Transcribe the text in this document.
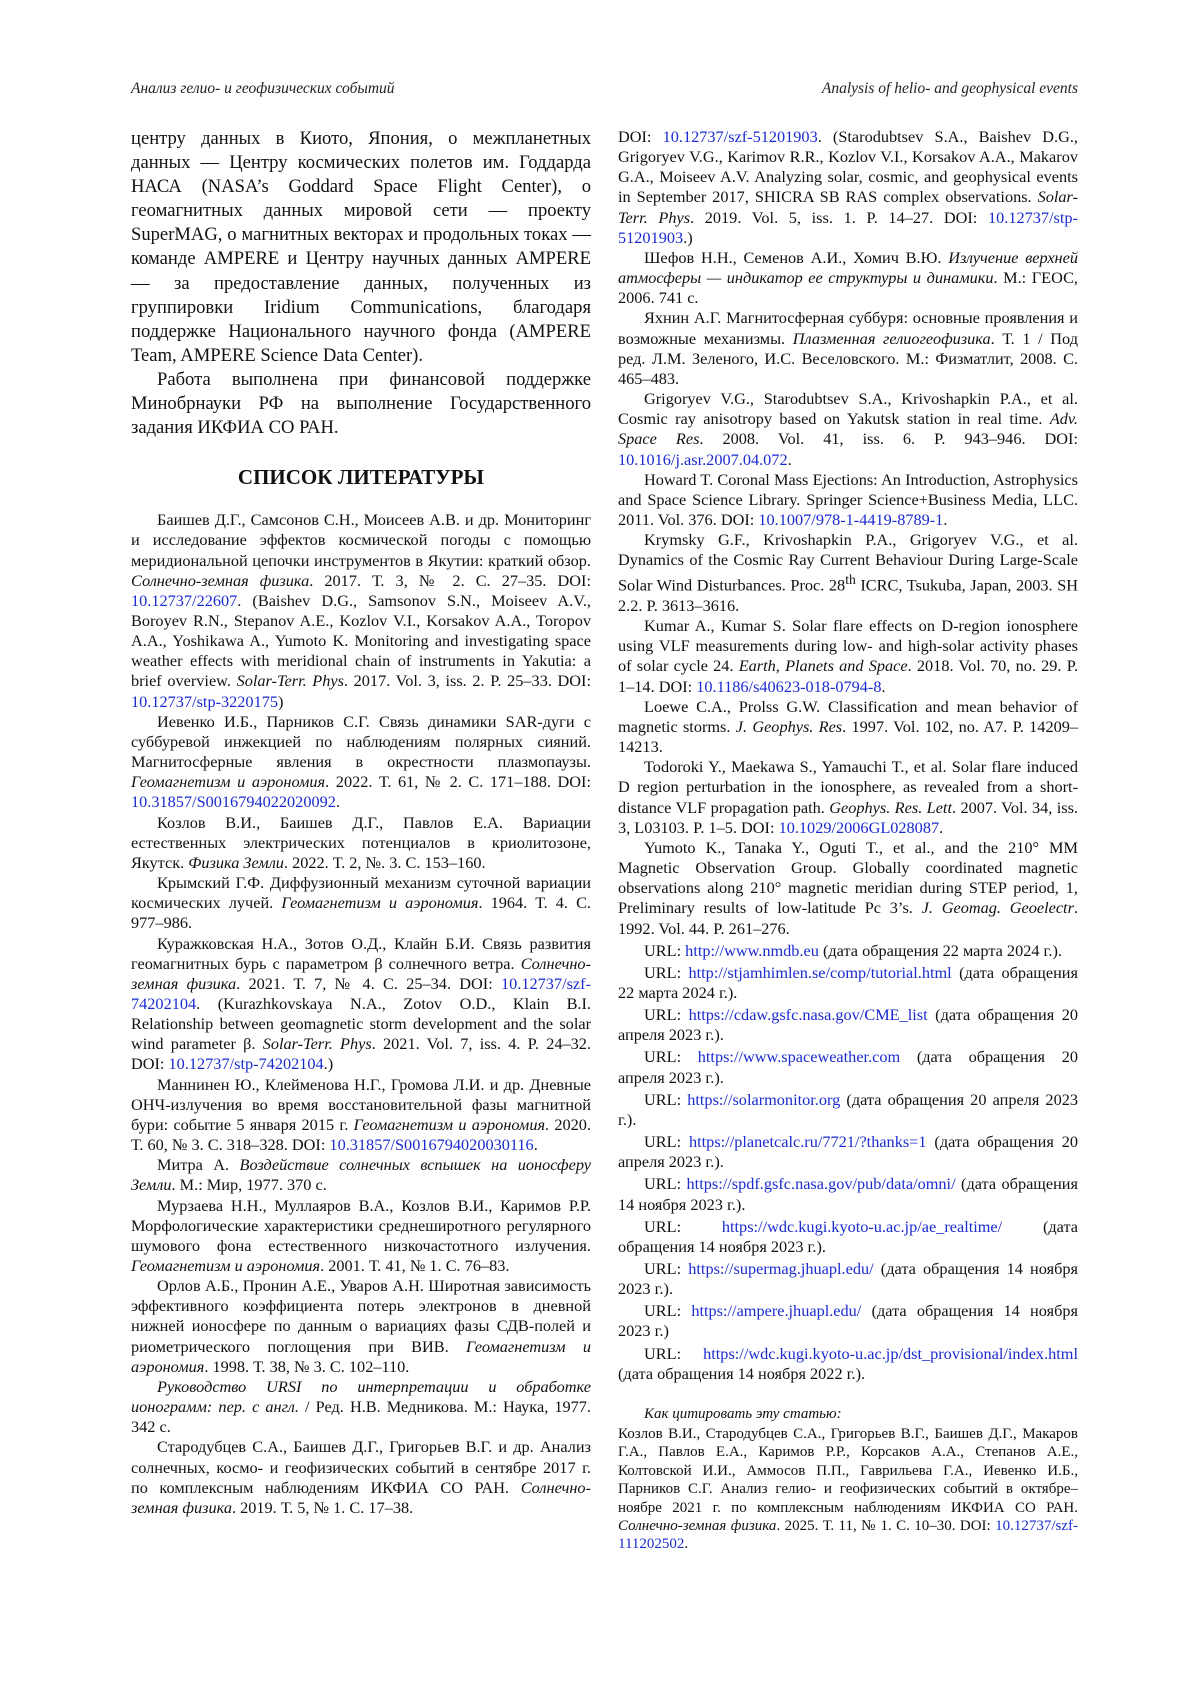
Анализ гелио- и геофизических событий	Analysis of helio- and geophysical events

центру данных в Киото, Япония, о межпланетных данных — Центру космических полетов им. Годдарда НАСА (NASA’s Goddard Space Flight Center), о геомагнитных данных мировой сети — проекту SuperMAG, о магнитных векторах и продольных токах — команде AMPERE и Центру научных данных AMPERE — за предоставление данных, полученных из группировки Iridium Communications, благодаря поддержке Национального научного фонда (AMPERE Team, AMPERE Science Data Center).

Работа выполнена при финансовой поддержке Минобрнауки РФ на выполнение Государственного задания ИКФИА СО РАН.

СПИСОК ЛИТЕРАТУРЫ

Баишев Д.Г., Самсонов С.Н., Моисеев А.В. и др. Мониторинг и исследование эффектов космической погоды с помощью меридиональной цепочки инструментов в Якутии: краткий обзор. Солнечно-земная физика. 2017. Т. 3, № 2. С. 27–35. DOI: 10.12737/22607. (Baishev D.G., Samsonov S.N., Moiseev A.V., Boroyev R.N., Stepanov A.E., Kozlov V.I., Korsakov A.A., Toropov A.A., Yoshikawa A., Yumoto K. Monitoring and investigating space weather effects with meridional chain of instruments in Yakutia: a brief overview. Solar-Terr. Phys. 2017. Vol. 3, iss. 2. P. 25–33. DOI: 10.12737/stp-3220175)

Иевенко И.Б., Парников С.Г. Связь динамики SAR-дуги с суббуревой инжекцией по наблюдениям полярных сияний. Магнитосферные явления в окрестности плазмопаузы. Геомагнетизм и аэрономия. 2022. Т. 61, № 2. С. 171–188. DOI: 10.31857/S0016794022020092.

Козлов В.И., Баишев Д.Г., Павлов Е.А. Вариации естественных электрических потенциалов в криолитозоне, Якутск. Физика Земли. 2022. Т. 2, №. 3. С. 153–160.

Крымский Г.Ф. Диффузионный механизм суточной вариации космических лучей. Геомагнетизм и аэрономия. 1964. Т. 4. С. 977–986.

Куражковская Н.А., Зотов О.Д., Клайн Б.И. Связь развития геомагнитных бурь с параметром β солнечного ветра. Солнечно-земная физика. 2021. Т. 7, № 4. С. 25–34. DOI: 10.12737/szf-74202104. (Kurazhkovskaya N.A., Zotov O.D., Klain B.I. Relationship between geomagnetic storm development and the solar wind parameter β. Solar-Terr. Phys. 2021. Vol. 7, iss. 4. P. 24–32. DOI: 10.12737/stp-74202104.)

Маннинен Ю., Клейменова Н.Г., Громова Л.И. и др. Дневные ОНЧ-излучения во время восстановительной фазы магнитной бури: событие 5 января 2015 г. Геомагнетизм и аэрономия. 2020. Т. 60, № 3. С. 318–328. DOI: 10.31857/S0016794020030116.

Митра А. Воздействие солнечных вспышек на ионосферу Земли. М.: Мир, 1977. 370 с.

Мурзаева Н.Н., Муллаяров В.А., Козлов В.И., Каримов Р.Р. Морфологические характеристики среднеширотного регулярного шумового фона естественного низкочастотного излучения. Геомагнетизм и аэрономия. 2001. Т. 41, № 1. С. 76–83.

Орлов А.Б., Пронин А.Е., Уваров А.Н. Широтная зависимость эффективного коэффициента потерь электронов в дневной нижней ионосфере по данным о вариациях фазы СДВ-полей и риометрического поглощения при ВИВ. Геомагнетизм и аэрономия. 1998. Т. 38, № 3. С. 102–110.

Руководство URSI по интерпретации и обработке ионограмм: пер. с англ. / Ред. Н.В. Медникова. М.: Наука, 1977. 342 с.

Стародубцев С.А., Баишев Д.Г., Григорьев В.Г. и др. Анализ солнечных, космо- и геофизических событий в сентябре 2017 г. по комплексным наблюдениям ИКФИА СО РАН. Солнечно-земная физика. 2019. Т. 5, № 1. С. 17–38.

DOI: 10.12737/szf-51201903. (Starodubtsev S.A., Baishev D.G., Grigoryev V.G., Karimov R.R., Kozlov V.I., Korsakov A.A., Makarov G.A., Moiseev A.V. Analyzing solar, cosmic, and geophysical events in September 2017, SHICRA SB RAS complex observations. Solar-Terr. Phys. 2019. Vol. 5, iss. 1. P. 14–27. DOI: 10.12737/stp-51201903.)

Шефов Н.Н., Семенов А.И., Хомич В.Ю. Излучение верхней атмосферы — индикатор ее структуры и динамики. М.: ГЕОС, 2006. 741 с.

Яхнин А.Г. Магнитосферная суббуря: основные проявления и возможные механизмы. Плазменная гелиогеофизика. Т. 1 / Под ред. Л.М. Зеленого, И.С. Веселовского. М.: Физматлит, 2008. С. 465–483.

Grigoryev V.G., Starodubtsev S.A., Krivoshapkin P.A., et al. Cosmic ray anisotropy based on Yakutsk station in real time. Adv. Space Res. 2008. Vol. 41, iss. 6. P. 943–946. DOI: 10.1016/j.asr.2007.04.072.

Howard T. Coronal Mass Ejections: An Introduction, Astrophysics and Space Science Library. Springer Science+Business Media, LLC. 2011. Vol. 376. DOI: 10.1007/978-1-4419-8789-1.

Krymsky G.F., Krivoshapkin P.A., Grigoryev V.G., et al. Dynamics of the Cosmic Ray Current Behaviour During Large-Scale Solar Wind Disturbances. Proc. 28th ICRC, Tsukuba, Japan, 2003. SH 2.2. P. 3613–3616.

Kumar A., Kumar S. Solar flare effects on D-region ionosphere using VLF measurements during low- and high-solar activity phases of solar cycle 24. Earth, Planets and Space. 2018. Vol. 70, no. 29. P. 1–14. DOI: 10.1186/s40623-018-0794-8.

Loewe C.A., Prolss G.W. Classification and mean behavior of magnetic storms. J. Geophys. Res. 1997. Vol. 102, no. A7. P. 14209–14213.

Todoroki Y., Maekawa S., Yamauchi T., et al. Solar flare induced D region perturbation in the ionosphere, as revealed from a short-distance VLF propagation path. Geophys. Res. Lett. 2007. Vol. 34, iss. 3, L03103. P. 1–5. DOI: 10.1029/2006GL028087.

Yumoto K., Tanaka Y., Oguti T., et al., and the 210° MM Magnetic Observation Group. Globally coordinated magnetic observations along 210° magnetic meridian during STEP period, 1, Preliminary results of low-latitude Pc 3’s. J. Geomag. Geoelectr. 1992. Vol. 44. P. 261–276.

URL: http://www.nmdb.eu (дата обращения 22 марта 2024 г.).

URL: http://stjamhimlen.se/comp/tutorial.html (дата обращения 22 марта 2024 г.).

URL: https://cdaw.gsfc.nasa.gov/CME_list (дата обращения 20 апреля 2023 г.).

URL: https://www.spaceweather.com (дата обращения 20 апреля 2023 г.).

URL: https://solarmonitor.org (дата обращения 20 апреля 2023 г.).

URL: https://planetcalc.ru/7721/?thanks=1 (дата обращения 20 апреля 2023 г.).

URL: https://spdf.gsfc.nasa.gov/pub/data/omni/ (дата обращения 14 ноября 2023 г.).

URL: https://wdc.kugi.kyoto-u.ac.jp/ae_realtime/ (дата обращения 14 ноября 2023 г.).

URL: https://supermag.jhuapl.edu/ (дата обращения 14 ноября 2023 г.).

URL: https://ampere.jhuapl.edu/ (дата обращения 14 ноября 2023 г.)

URL: https://wdc.kugi.kyoto-u.ac.jp/dst_provisional/index.html (дата обращения 14 ноября 2022 г.).

Как цитировать эту статью:

Козлов В.И., Стародубцев С.А., Григорьев В.Г., Баишев Д.Г., Макаров Г.А., Павлов Е.А., Каримов Р.Р., Корсаков А.А., Степанов А.Е., Колтовской И.И., Аммосов П.П., Гаврильева Г.А., Иевенко И.Б., Парников С.Г. Анализ гелио- и геофизических событий в октябре–ноябре 2021 г. по комплексным наблюдениям ИКФИА СО РАН. Солнечно-земная физика. 2025. Т. 11, № 1. С. 10–30. DOI: 10.12737/szf-111202502.
